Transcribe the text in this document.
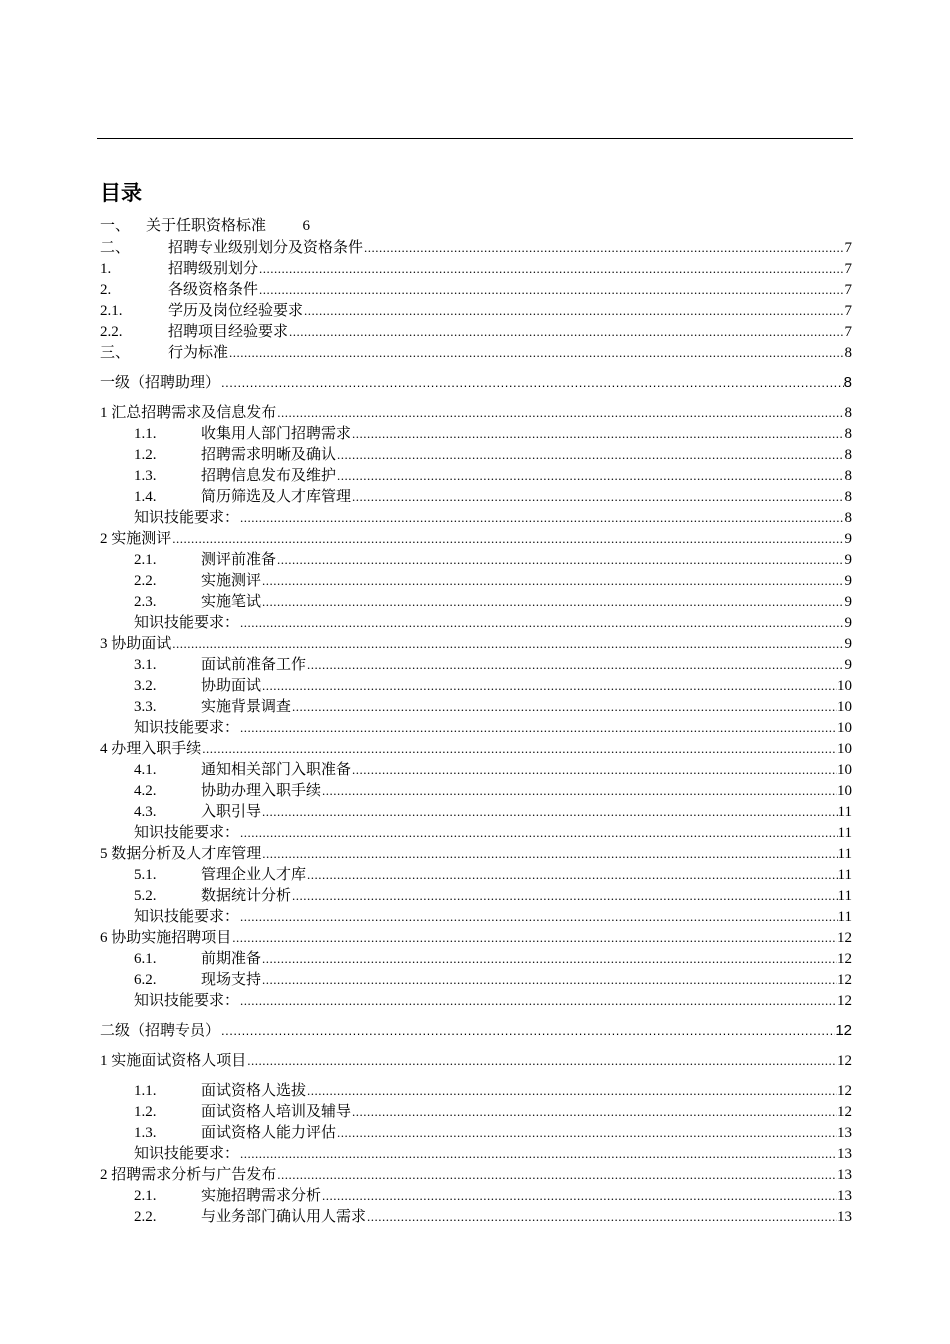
目录
一、	关于任职资格标准 6
二、	招聘专业级别划分及资格条件 .....	7
1.	招聘级别划分 .....	7
2.	各级资格条件 .....	7
2.1.	学历及岗位经验要求 .....	7
2.2.	招聘项目经验要求 .....	7
三、	行为标准 .....	8
一级（招聘助理） .....	8
1 汇总招聘需求及信息发布 .....	8
1.1.	收集用人部门招聘需求 .....	8
1.2.	招聘需求明晰及确认 .....	8
1.3.	招聘信息发布及维护 .....	8
1.4.	简历筛选及人才库管理 .....	8
知识技能要求： .....	8
2 实施测评 .....	9
2.1.	测评前准备 .....	9
2.2.	实施测评 .....	9
2.3.	实施笔试 .....	9
知识技能要求： .....	9
3 协助面试 .....	9
3.1.	面试前准备工作 .....	9
3.2.	协助面试 .....	10
3.3.	实施背景调查 .....	10
知识技能要求： .....	10
4 办理入职手续 .....	10
4.1.	通知相关部门入职准备 .....	10
4.2.	协助办理入职手续 .....	10
4.3.	入职引导 .....	11
知识技能要求： .....	11
5 数据分析及人才库管理 .....	11
5.1.	管理企业人才库 .....	11
5.2.	数据统计分析 .....	11
知识技能要求： .....	11
6 协助实施招聘项目 .....	12
6.1.	前期准备 .....	12
6.2.	现场支持 .....	12
知识技能要求： .....	12
二级（招聘专员） .....	12
1 实施面试资格人项目 .....	12
1.1.	面试资格人选拔 .....	12
1.2.	面试资格人培训及辅导 .....	12
1.3.	面试资格人能力评估 .....	13
知识技能要求： .....	13
2 招聘需求分析与广告发布 .....	13
2.1.	实施招聘需求分析 .....	13
2.2.	与业务部门确认用人需求 .....	13
